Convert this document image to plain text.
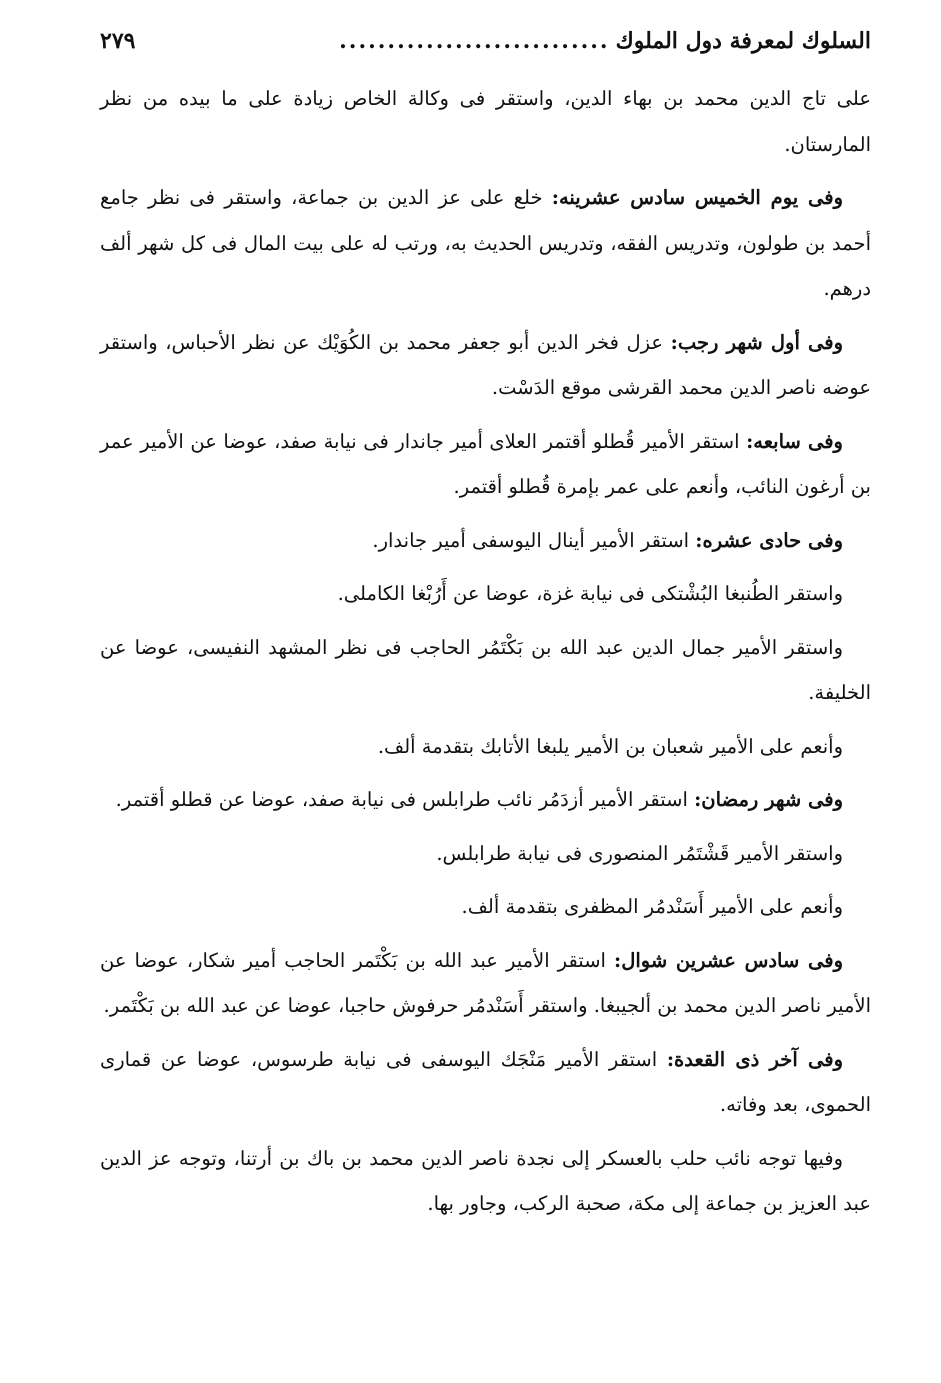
السلوك لمعرفة دول الملوك
............................
٢٧٩

على تاج الدين محمد بن بهاء الدين، واستقر فى وكالة الخاص زيادة على ما بيده من نظر المارستان.

وفى يوم الخميس سادس عشرينه: خلع على عز الدين بن جماعة، واستقر فى نظر جامع أحمد بن طولون، وتدريس الفقه، وتدريس الحديث به، ورتب له على بيت المال فى كل شهر ألف درهم.

وفى أول شهر رجب: عزل فخر الدين أبو جعفر محمد بن الكُوَيْك عن نظر الأحباس، واستقر عوضه ناصر الدين محمد القرشى موقع الدَسْت.

وفى سابعه: استقر الأمير قُطلو أقتمر العلاى أمير جاندار فى نيابة صفد، عوضا عن الأمير عمر بن أرغون النائب، وأنعم على عمر بإمرة قُطلو أقتمر.

وفى حادى عشره: استقر الأمير أينال اليوسفى أمير جاندار.

واستقر الطُنبغا البُشْتكى فى نيابة غزة، عوضا عن أَرُبْغا الكاملى.

واستقر الأمير جمال الدين عبد الله بن بَكْتَمُر الحاجب فى نظر المشهد النفيسى، عوضا عن الخليفة.

وأنعم على الأمير شعبان بن الأمير يلبغا الأتابك بتقدمة ألف.

وفى شهر رمضان: استقر الأمير أزدَمُر نائب طرابلس فى نيابة صفد، عوضا عن قطلو أقتمر.

واستقر الأمير قَشْتَمُر المنصورى فى نيابة طرابلس.

وأنعم على الأمير أَسَنْدمُر المظفرى بتقدمة ألف.

وفى سادس عشرين شوال: استقر الأمير عبد الله بن بَكْتَمر الحاجب أمير شكار، عوضا عن الأمير ناصر الدين محمد بن ألجيبغا. واستقر أَسَنْدمُر حرفوش حاجبا، عوضا عن عبد الله بن بَكْتَمر.

وفى آخر ذى القعدة: استقر الأمير مَنْجَك اليوسفى فى نيابة طرسوس، عوضا عن قمارى الحموى، بعد وفاته.

وفيها توجه نائب حلب بالعسكر إلى نجدة ناصر الدين محمد بن باك بن أرتنا، وتوجه عز الدين عبد العزيز بن جماعة إلى مكة، صحبة الركب، وجاور بها.
